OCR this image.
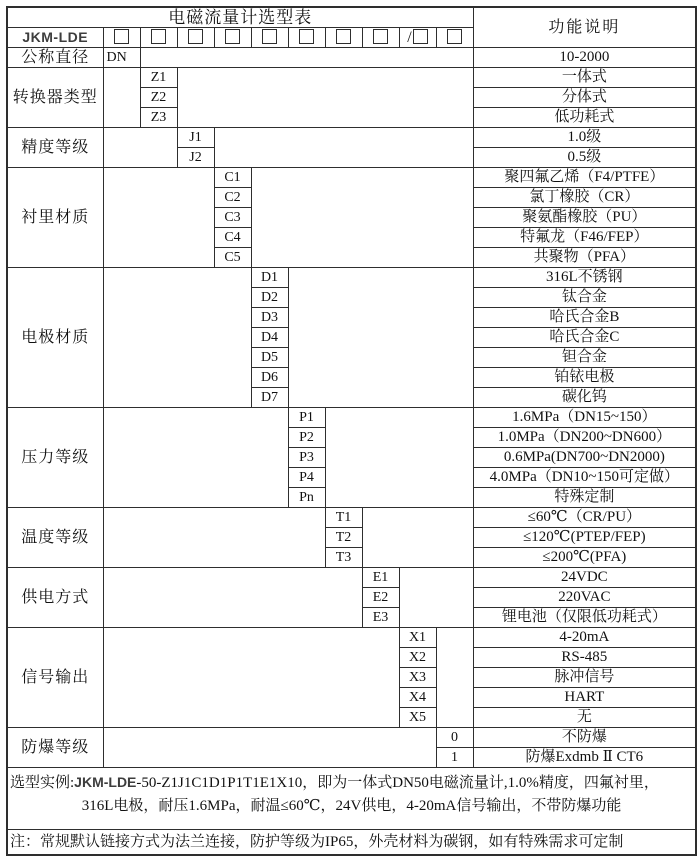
电磁流量计选型表											功能说明
JKM-LDE									/		
公称直径	DN										10-2000
转换器类型		Z1									一体式
		Z2									分体式
		Z3									低功耗式
精度等级			J1								1.0级
			J2								0.5级
衬里材质				C1							聚四氟乙烯（F4/PTFE）
				C2							氯丁橡胶（CR）
				C3							聚氨酯橡胶（PU）
				C4							特氟龙（F46/FEP）
				C5							共聚物（PFA）
电极材质					D1						316L不锈钢
					D2						钛合金
					D3						哈氏合金B
					D4						哈氏合金C
					D5						钽合金
					D6						铂铱电极
					D7						碳化钨
压力等级						P1					1.6MPa（DN15~150）
						P2					1.0MPa（DN200~DN600）
						P3					0.6MPa(DN700~DN2000)
						P4					4.0MPa（DN10~150可定做）
						Pn					特殊定制
温度等级							T1				≤60℃（CR/PU）
							T2				≤120℃(PTEP/FEP)
							T3				≤200℃(PFA)
供电方式								E1			24VDC
								E2			220VAC
								E3			锂电池（仅限低功耗式）
信号输出									X1		4-20mA
									X2		RS-485
									X3		脉冲信号
									X4		HART
									X5		无
防爆等级										0	不防爆
										1	防爆Exdmb Ⅱ CT6

选型实例:JKM-LDE-50-Z1J1C1D1P1T1E1X10，即为一体式DN50电磁流量计,1.0%精度，四氟衬里，
316L电极，耐压1.6MPa，耐温≤60℃，24V供电，4-20mA信号输出，不带防爆功能											

注：常规默认链接方式为法兰连接，防护等级为IP65，外壳材料为碳钢，如有特殊需求可定制											
